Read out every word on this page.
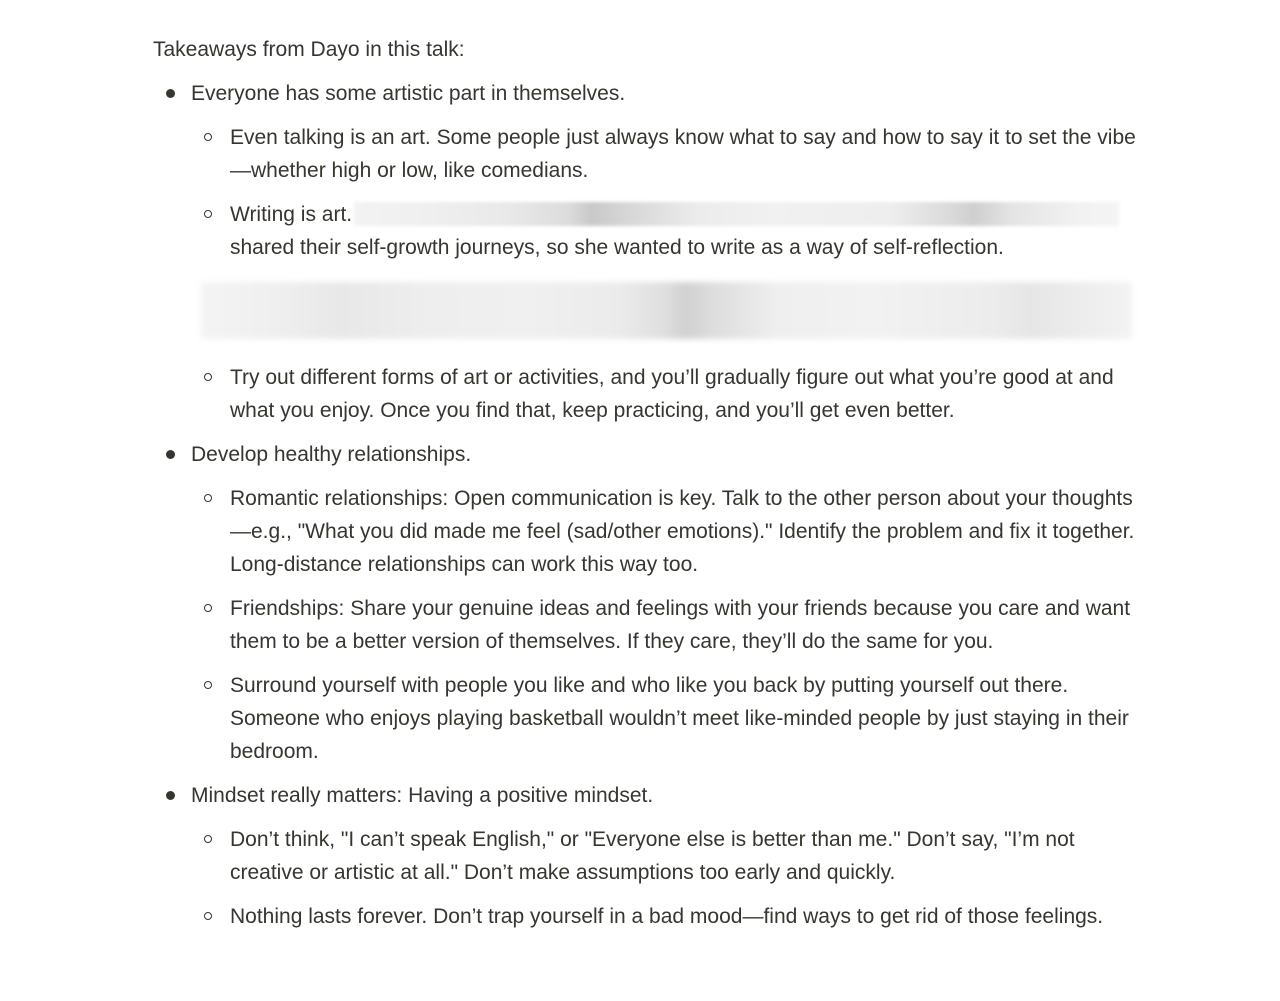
Takeaways from Dayo in this talk:

Everyone has some artistic part in themselves.
Even talking is an art. Some people just always know what to say and how to say it to set the vibe—whether high or low, like comedians.
Writing is art.
shared their self-growth journeys, so she wanted to write as a way of self-reflection.
Try out different forms of art or activities, and you’ll gradually figure out what you’re good at and what you enjoy. Once you find that, keep practicing, and you’ll get even better.
Develop healthy relationships.
Romantic relationships: Open communication is key. Talk to the other person about your thoughts—e.g., "What you did made me feel (sad/other emotions)." Identify the problem and fix it together. Long-distance relationships can work this way too.
Friendships: Share your genuine ideas and feelings with your friends because you care and want them to be a better version of themselves. If they care, they’ll do the same for you.
Surround yourself with people you like and who like you back by putting yourself out there. Someone who enjoys playing basketball wouldn’t meet like-minded people by just staying in their bedroom.
Mindset really matters: Having a positive mindset.
Don’t think, "I can’t speak English," or "Everyone else is better than me." Don’t say, "I’m not creative or artistic at all." Don’t make assumptions too early and quickly.
Nothing lasts forever. Don’t trap yourself in a bad mood—find ways to get rid of those feelings.
